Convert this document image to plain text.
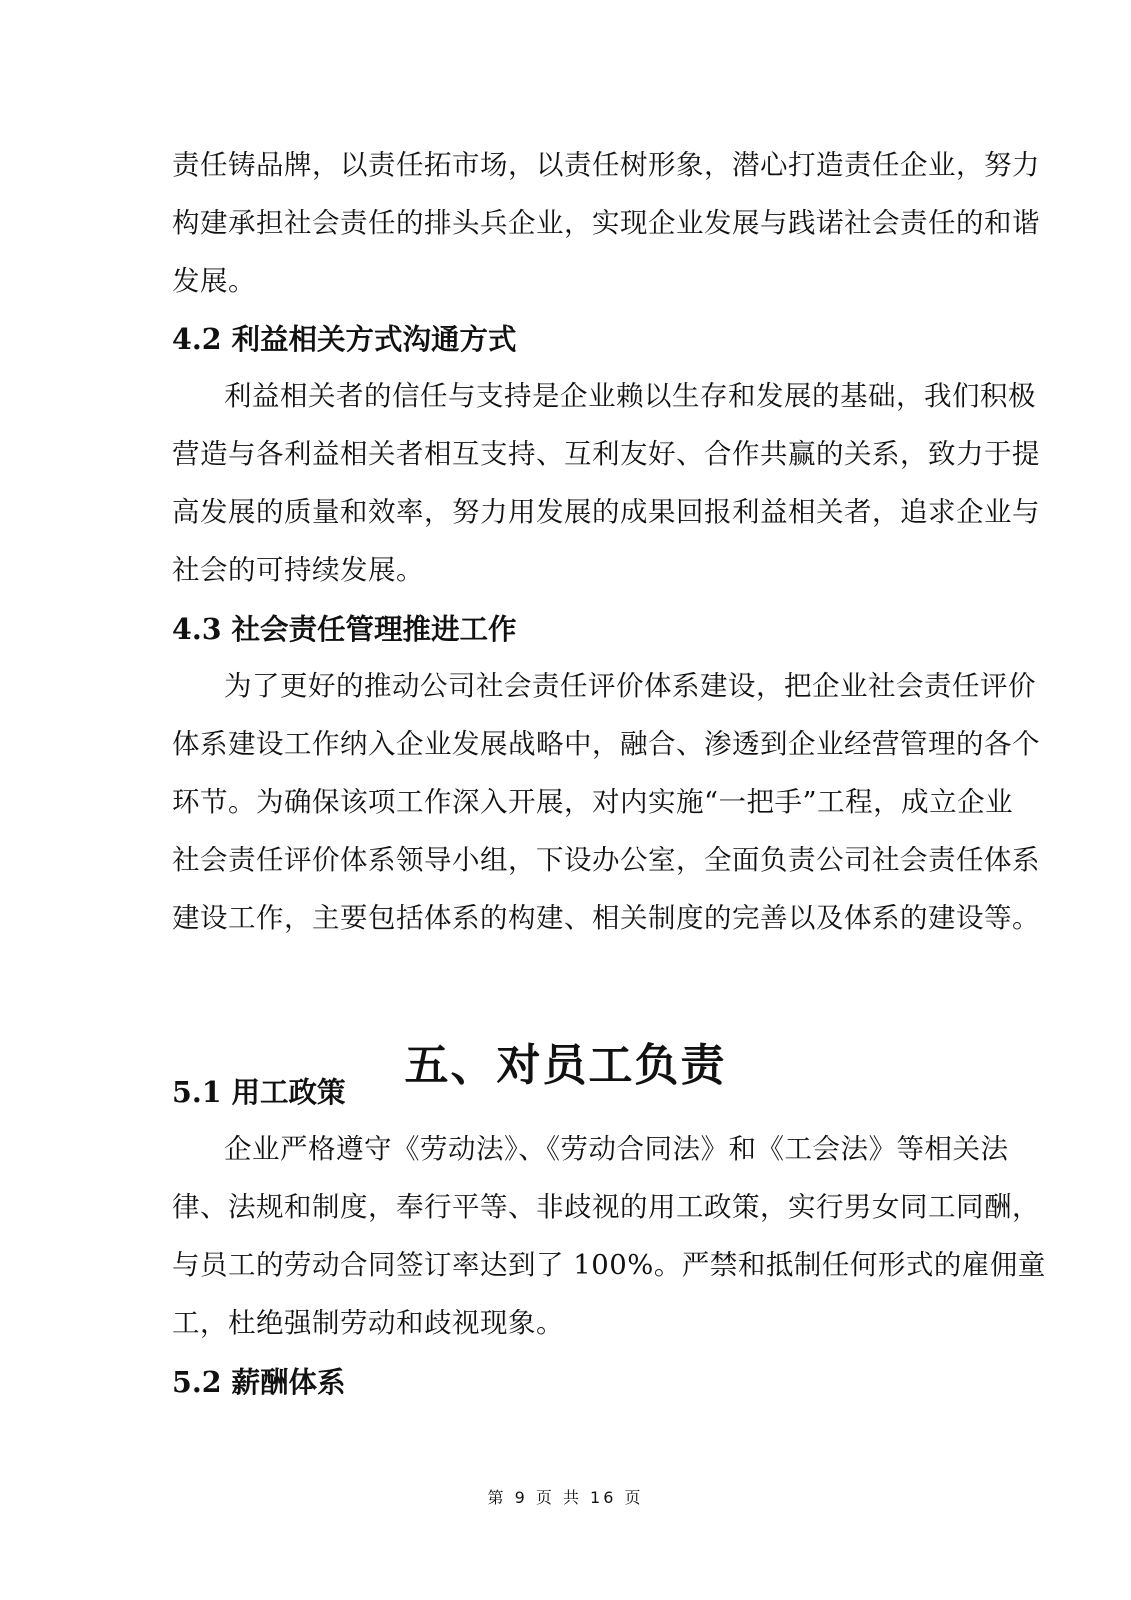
责任铸品牌，以责任拓市场，以责任树形象，潜心打造责任企业，努力
构建承担社会责任的排头兵企业，实现企业发展与践诺社会责任的和谐
发展。
4.2 利益相关方式沟通方式
利益相关者的信任与支持是企业赖以生存和发展的基础，我们积极
营造与各利益相关者相互支持、互利友好、合作共赢的关系，致力于提
高发展的质量和效率，努力用发展的成果回报利益相关者，追求企业与
社会的可持续发展。
4.3 社会责任管理推进工作
为了更好的推动公司社会责任评价体系建设，把企业社会责任评价
体系建设工作纳入企业发展战略中，融合、渗透到企业经营管理的各个
环节。为确保该项工作深入开展，对内实施“一把手”工程，成立企业
社会责任评价体系领导小组，下设办公室，全面负责公司社会责任体系
建设工作，主要包括体系的构建、相关制度的完善以及体系的建设等。
五、对员工负责
5.1 用工政策
企业严格遵守《劳动法》、《劳动合同法》和《工会法》等相关法
律、法规和制度，奉行平等、非歧视的用工政策，实行男女同工同酬，
与员工的劳动合同签订率达到了 100%。严禁和抵制任何形式的雇佣童
工，杜绝强制劳动和歧视现象。
5.2 薪酬体系
第 9 页 共 16 页
